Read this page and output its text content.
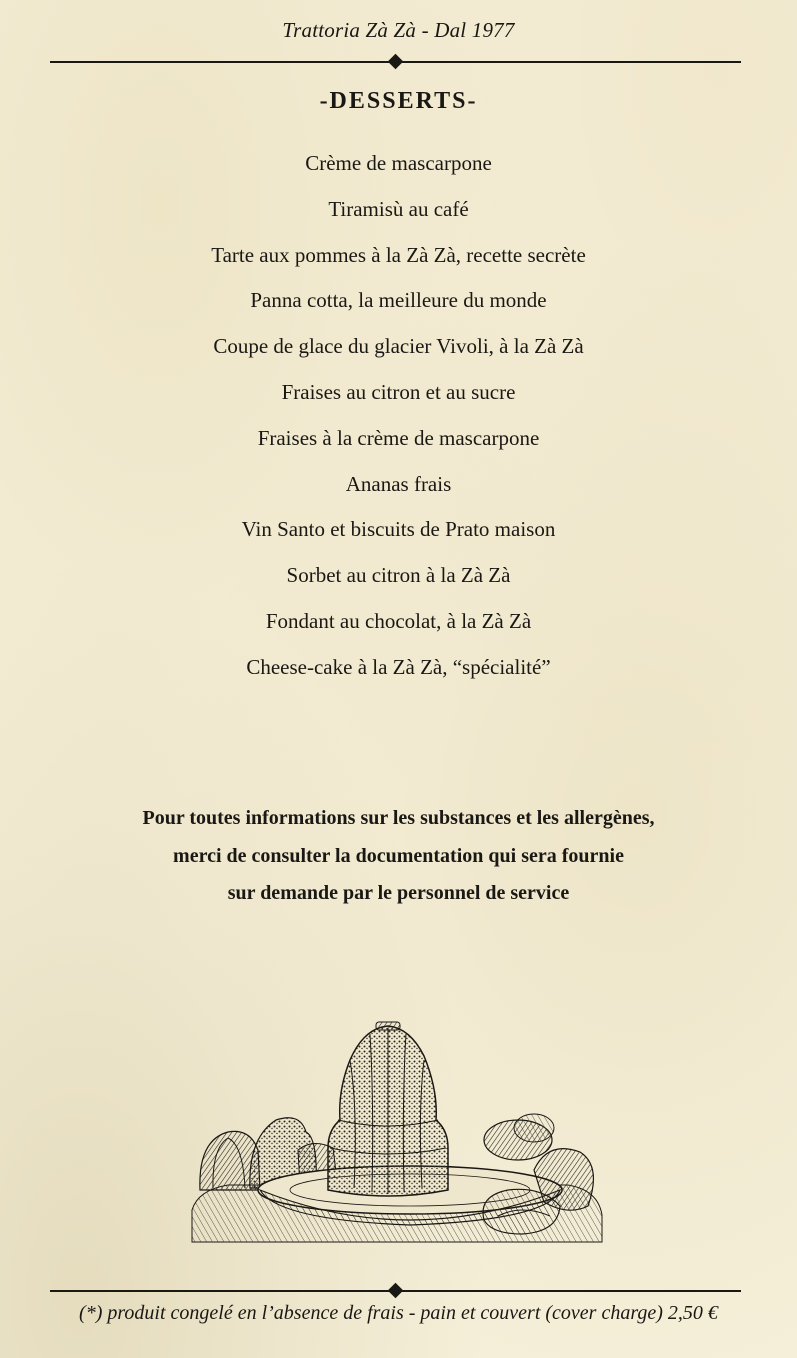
Trattoria Zà Zà - Dal 1977
-DESSERTS-
Crème de mascarpone
Tiramisù au café
Tarte aux pommes à la Zà Zà, recette secrète
Panna cotta, la meilleure du monde
Coupe de glace du glacier Vivoli, à la Zà Zà
Fraises au citron et au sucre
Fraises à la crème de mascarpone
Ananas frais
Vin Santo et biscuits de Prato maison
Sorbet au citron à la Zà Zà
Fondant au chocolat, à la Zà Zà
Cheese-cake à la Zà Zà, “spécialité”
Pour toutes informations sur les substances et les allergènes,
merci de consulter la documentation qui sera fournie
sur demande par le personnel de service
(*) produit congelé en l’absence de frais - pain et couvert (cover charge) 2,50 €
